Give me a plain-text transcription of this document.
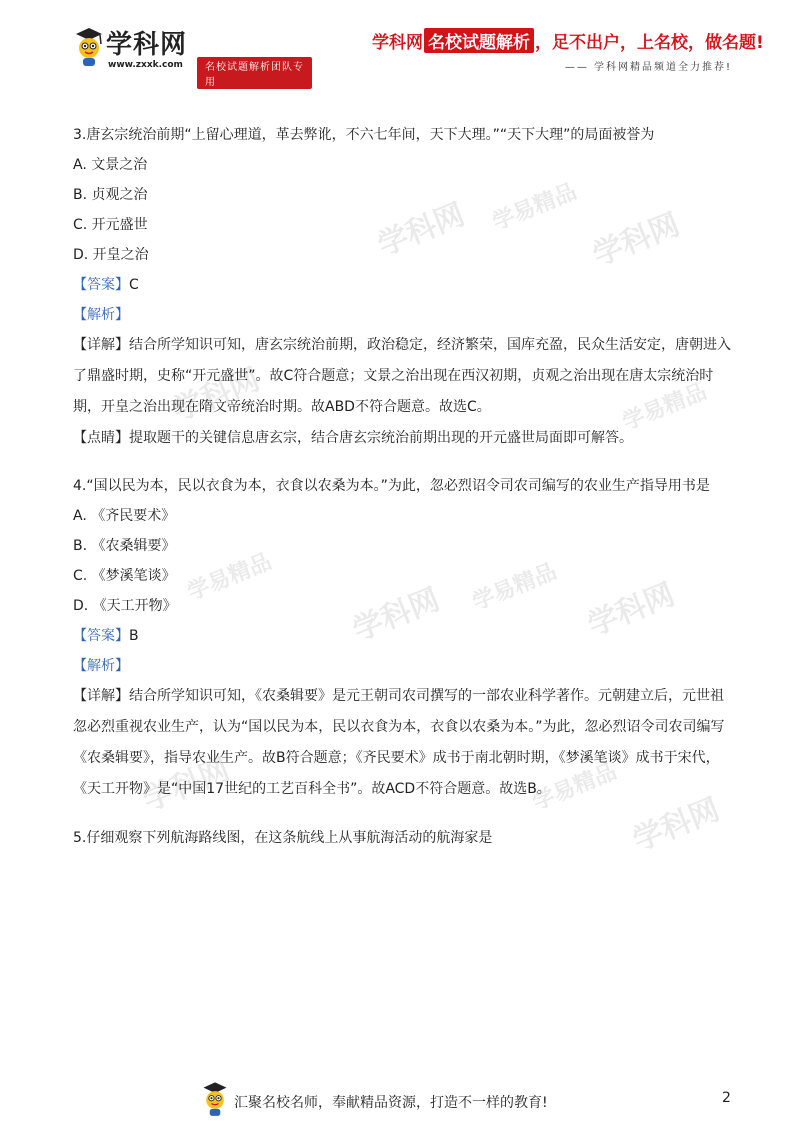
学科网
www.zxxk.com	名校试题解析团队专用
学科网 名校试题解析 ，足不出户，上名校，做名题!
—— 学科网精品频道全力推荐!
学科网 学易精品 学科网
学科网	学易精品
学易精品
学科网 学易精品 学科网
学科网	学易精品
学科网
3.唐玄宗统治前期“上留心理道，革去弊讹，不六七年间，天下大理。”“天下大理”的局面被誉为
A. 文景之治
B. 贞观之治
C. 开元盛世
D. 开皇之治
【答案】C
【解析】
【详解】结合所学知识可知，唐玄宗统治前期，政治稳定，经济繁荣，国库充盈，民众生活安定，唐朝进入了鼎盛时期，史称“开元盛世”。故C符合题意；文景之治出现在西汉初期，贞观之治出现在唐太宗统治时期，开皇之治出现在隋文帝统治时期。故ABD不符合题意。故选C。
【点睛】提取题干的关键信息唐玄宗，结合唐玄宗统治前期出现的开元盛世局面即可解答。
4.“国以民为本，民以衣食为本，衣食以农桑为本。”为此，忽必烈诏令司农司编写的农业生产指导用书是
A. 《齐民要术》
B. 《农桑辑要》
C. 《梦溪笔谈》
D. 《天工开物》
【答案】B
【解析】
【详解】结合所学知识可知，《农桑辑要》是元王朝司农司撰写的一部农业科学著作。元朝建立后，元世祖忽必烈重视农业生产，认为“国以民为本，民以衣食为本，衣食以农桑为本。”为此，忽必烈诏令司农司编写《农桑辑要》，指导农业生产。故B符合题意；《齐民要术》成书于南北朝时期，《梦溪笔谈》成书于宋代，《天工开物》是“中国17世纪的工艺百科全书”。故ACD不符合题意。故选B。
5.仔细观察下列航海路线图，在这条航线上从事航海活动的航海家是
汇聚名校名师，奉献精品资源，打造不一样的教育!	2
